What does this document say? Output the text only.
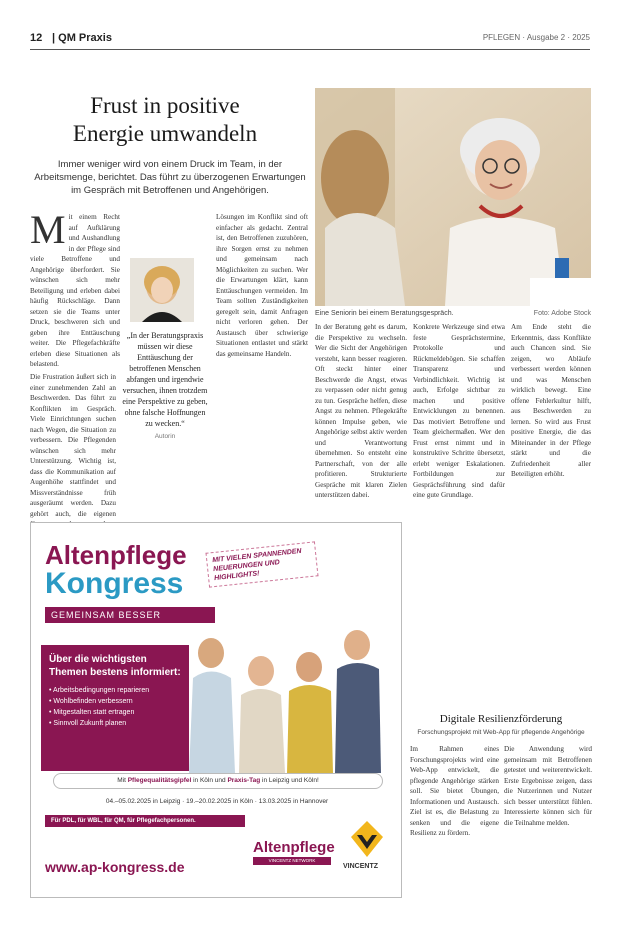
12 | QM Praxis	PFLEGEN · Ausgabe 2 · 2025
Frust in positive
Energie umwandeln

Immer weniger wird von einem Druck im Team, in der Arbeitsmenge, berichtet. Das führt zu überzogenen Erwartungen im Gespräch mit Betroffenen und Angehörigen.

Eine Seniorin bei einem Beratungsgespräch.	Foto: Adobe Stock
M it einem Recht auf Aufklärung und Aushandlung in der Pflege sind viele Betroffene und Angehörige überfordert. Sie wünschen sich mehr Beteiligung und erleben dabei häufig Rückschläge. Dann setzen sie die Teams unter Druck, beschweren sich und geben ihre Enttäuschung weiter. Die Pflegefachkräfte erleben diese Situationen als belastend.

Die Frustration äußert sich in einer zunehmenden Zahl an Beschwerden. Das führt zu Konflikten im Gespräch. Viele Einrichtungen suchen nach Wegen, die Situation zu verbessern. Die Pflegenden wünschen sich mehr Unterstützung. Wichtig ist, dass die Kommunikation auf Augenhöhe stattfindet und Missverständnisse früh ausgeräumt werden. Dazu gehört auch, die eigenen

„In der Beratungspraxis müssen wir diese Enttäuschung der betroffenen Menschen abfangen und irgendwie versuchen, ihnen trotzdem eine Perspektive zu geben, ohne falsche Hoffnungen zu wecken.“
Autorin

Lösungen im Konflikt sind oft einfacher als gedacht. Zentral ist, den Betroffenen zuzuhören, ihre Sorgen ernst zu nehmen und gemeinsam nach Möglichkeiten zu suchen. Wer die Erwartungen klärt, kann Enttäuschungen vermeiden. Im Team sollten Zuständigkeiten geregelt sein, damit Anfragen nicht verloren gehen. Der Austausch über schwierige Situationen entlastet und stärkt das gemeinsame Handeln.

In der Beratung geht es darum, die Perspektive zu wechseln. Wer die Sicht der Angehörigen versteht, kann besser reagieren. Oft steckt hinter einer Beschwerde die Angst, etwas zu verpassen oder nicht genug zu tun. Gespräche helfen, diese Angst zu nehmen. Pflegekräfte können Impulse geben, wie Angehörige selbst aktiv werden und Verantwortung übernehmen. So entsteht eine Partnerschaft, von der alle profitieren. Strukturierte Gespräche mit klaren Zielen unterstützen dabei.

Konkrete Werkzeuge sind etwa feste Gesprächstermine, Protokolle und Rückmeldebögen. Sie schaffen Transparenz und Verbindlichkeit. Wichtig ist auch, Erfolge sichtbar zu machen und positive Entwicklungen zu benennen. Das motiviert Betroffene und Team gleichermaßen. Wer den Frust ernst nimmt und in konstruktive Schritte übersetzt, erlebt weniger Eskalationen. Fortbildungen zur Gesprächsführung sind dafür eine gute Grundlage.

Am Ende steht die Erkenntnis, dass Konflikte auch Chancen sind. Sie zeigen, wo Abläufe verbessert werden können und was Menschen wirklich bewegt. Eine offene Fehlerkultur hilft, aus Beschwerden zu lernen. So wird aus Frust positive Energie, die das Miteinander in der Pflege stärkt und die Zufriedenheit aller Beteiligten erhöht.

Altenpflege
Kongress
GEMEINSAM BESSER
MIT VIELEN SPANNENDEN NEUERUNGEN UND HIGHLIGHTS!
Über die wichtigsten Themen bestens informiert:
• Arbeitsbedingungen reparieren
• Wohlbefinden verbessern
• Mitgestalten statt ertragen
• Sinnvoll Zukunft planen
Mit Pflegequalitätsgipfel in Köln und Praxis-Tag in Leipzig und Köln!
04.–05.02.2025 in Leipzig · 19.–20.02.2025 in Köln · 13.03.2025 in Hannover
Für PDL, für WBL, für QM, für Pflegefachpersonen.
www.ap-kongress.de
Altenpflege
VINCENTZ NETWORK
VINCENTZ
Digitale Resilienzförderung
Forschungsprojekt mit Web-App für pflegende Angehörige

Im Rahmen eines Forschungsprojekts wird eine Web-App entwickelt, die pflegende Angehörige stärken soll. Sie bietet Übungen, Informationen und Austausch. Ziel ist es, die Belastung zu senken und die eigene Resilienz zu fördern.

Die Anwendung wird gemeinsam mit Betroffenen getestet und weiterentwickelt. Erste Ergebnisse zeigen, dass die Nutzerinnen und Nutzer sich besser unterstützt fühlen. Interessierte können sich für die Teilnahme melden.
